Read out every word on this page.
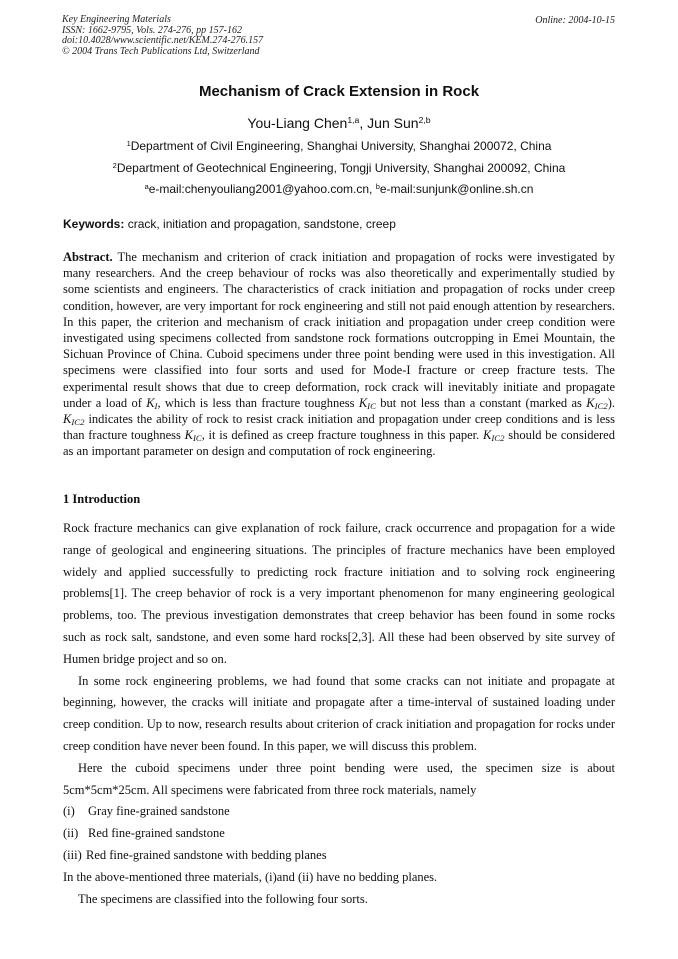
Key Engineering Materials
ISSN: 1662-9795, Vols. 274-276, pp 157-162
doi:10.4028/www.scientific.net/KEM.274-276.157
© 2004 Trans Tech Publications Ltd, Switzerland
Online: 2004-10-15
Mechanism of Crack Extension in Rock
You-Liang Chen$^{1,a}$, Jun Sun$^{2,b}$
$^1$Department of Civil Engineering, Shanghai University, Shanghai 200072, China
$^2$Department of Geotechnical Engineering, Tongji University, Shanghai 200092, China
$^a$e-mail:chenyouliang2001@yahoo.com.cn, $^b$e-mail:sunjunk@online.sh.cn
Keywords: crack, initiation and propagation, sandstone, creep
Abstract. The mechanism and criterion of crack initiation and propagation of rocks were investigated by many researchers. And the creep behaviour of rocks was also theoretically and experimentally studied by some scientists and engineers. The characteristics of crack initiation and propagation of rocks under creep condition, however, are very important for rock engineering and still not paid enough attention by researchers. In this paper, the criterion and mechanism of crack initiation and propagation under creep condition were investigated using specimens collected from sandstone rock formations outcropping in Emei Mountain, the Sichuan Province of China. Cuboid specimens under three point bending were used in this investigation. All specimens were classified into four sorts and used for Mode-I fracture or creep fracture tests. The experimental result shows that due to creep deformation, rock crack will inevitably initiate and propagate under a load of $K_I$, which is less than fracture toughness $K_{IC}$ but not less than a constant (marked as $K_{IC2}$). $K_{IC2}$ indicates the ability of rock to resist crack initiation and propagation under creep conditions and is less than fracture toughness $K_{IC}$, it is defined as creep fracture toughness in this paper. $K_{IC2}$ should be considered as an important parameter on design and computation of rock engineering.
1 Introduction

Rock fracture mechanics can give explanation of rock failure, crack occurrence and propagation for a wide range of geological and engineering situations. The principles of fracture mechanics have been employed widely and applied successfully to predicting rock fracture initiation and to solving rock engineering problems[1]. The creep behavior of rock is a very important phenomenon for many engineering geological problems, too. The previous investigation demonstrates that creep behavior has been found in some rocks such as rock salt, sandstone, and even some hard rocks[2,3]. All these had been observed by site survey of Humen bridge project and so on.

In some rock engineering problems, we had found that some cracks can not initiate and propagate at beginning, however, the cracks will initiate and propagate after a time-interval of sustained loading under creep condition. Up to now, research results about criterion of crack initiation and propagation for rocks under creep condition have never been found. In this paper, we will discuss this problem.

Here the cuboid specimens under three point bending were used, the specimen size is about 5cm*5cm*25cm. All specimens were fabricated from three rock materials, namely

(i) Gray fine-grained sandstone
(ii) Red fine-grained sandstone
(iii) Red fine-grained sandstone with bedding planes

In the above-mentioned three materials, (i)and (ii) have no bedding planes.

The specimens are classified into the following four sorts.
